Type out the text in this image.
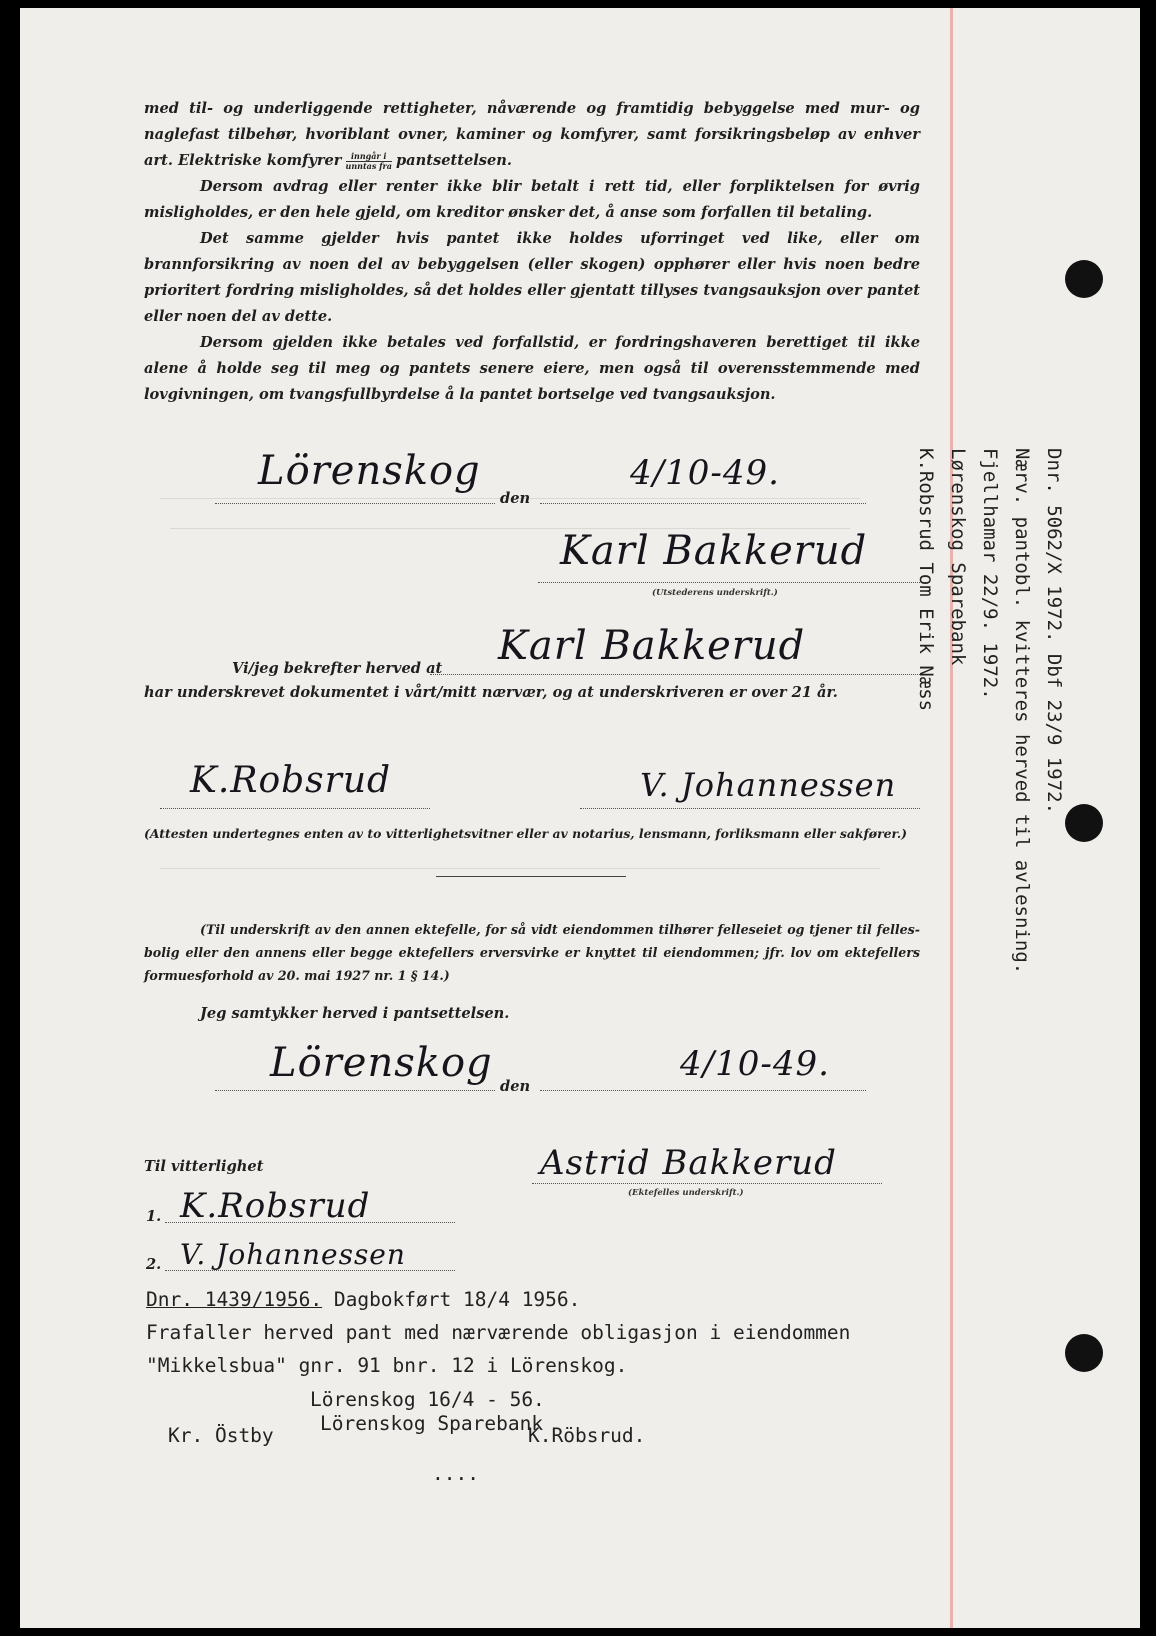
med til- og underliggende rettigheter, nåværende og framtidig bebyggelse med mur- og naglefast tilbehør, hvoriblant ovner, kaminer og komfyrer, samt forsikringsbeløp av enhver art. Elektriske komfyrer $\frac{\text{inngår i}}{\text{unntas fra}}$ pantsettelsen.

Dersom avdrag eller renter ikke blir betalt i rett tid, eller forpliktelsen for øvrig misligholdes, er den hele gjeld, om kreditor ønsker det, å anse som forfallen til betaling.

Det samme gjelder hvis pantet ikke holdes uforringet ved like, eller om brannforsikring av noen del av bebyggelsen (eller skogen) opphører eller hvis noen bedre prioritert fordring misligholdes, så det holdes eller gjentatt tillyses tvangsauksjon over pantet eller noen del av dette.

Dersom gjelden ikke betales ved forfallstid, er fordringshaveren berettiget til ikke alene å holde seg til meg og pantets senere eiere, men også til overensstemmende med lovgivningen, om tvangsfullbyrdelse å la pantet bortselge ved tvangsauksjon.

Lörenskog
den
4/10-49.
Karl Bakkerud
(Utstederens underskrift.)
Vi/jeg bekrefter herved at Karl Bakkerud
har underskrevet dokumentet i vårt/mitt nærvær, og at underskriveren er over 21 år.
K.Robsrud	V. Johannessen
(Attesten undertegnes enten av to vitterlighetsvitner eller av notarius, lensmann, forliksmann eller sakfører.)

(Til underskrift av den annen ektefelle, for så vidt eiendommen tilhører felleseiet og tjener til felles-bolig eller den annens eller begge ektefellers erversvirke er knyttet til eiendommen; jfr. lov om ektefellers formuesforhold av 20. mai 1927 nr. 1 § 14.)

Jeg samtykker herved i pantsettelsen.
Lörenskog
den
4/10-49.
Til vitterlighet	Astrid Bakkerud
(Ektefelles underskrift.)
1. K.Robsrud
2. V. Johannessen
Dnr. 1439/1956. Dagbokført 18/4 1956.
Frafaller herved pant med nærværende obligasjon i eiendommen
"Mikkelsbua" gnr. 91 bnr. 12 i Lörenskog.
Lörenskog 16/4 - 56.
Lörenskog Sparebank
Kr. Östby	K.Röbsrud.
....
Dnr. 5062/X 1972. Dbf 23/9 1972.
Nærv. pantobl. kvitteres herved til avlesning.
Fjellhamar 22/9. 1972.
Lørenskog Sparebank
K.Robsrud Tom Erik Næss
